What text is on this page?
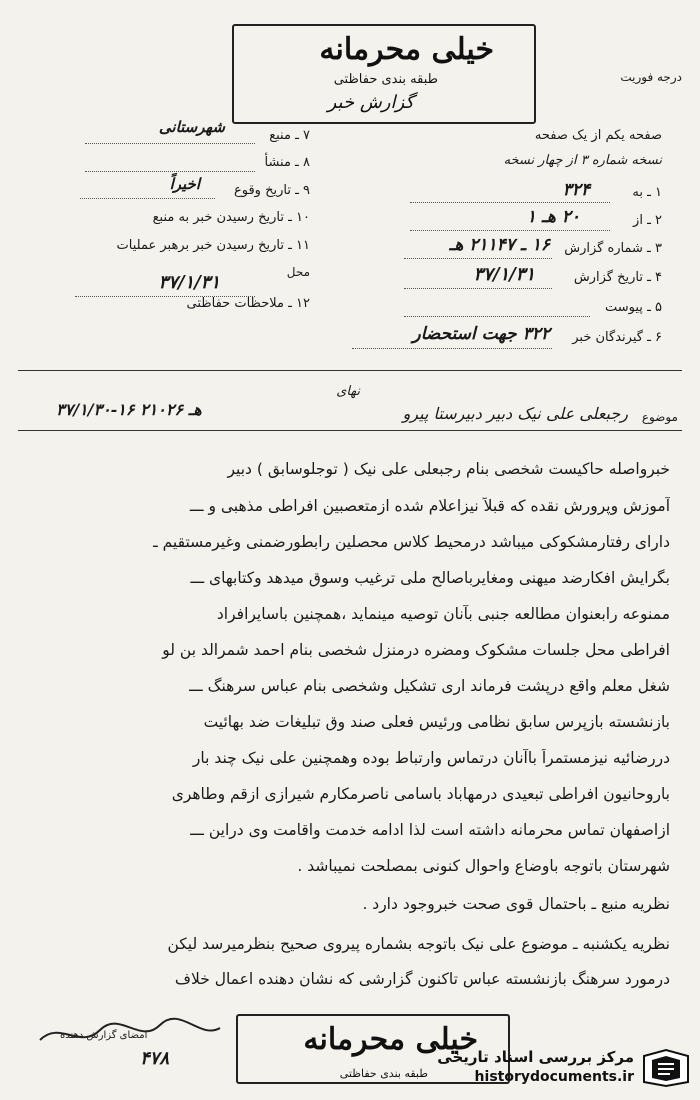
خیلی محرمانه
طبقه بندی حفاظتی
گزارش خبر
درجه فوریت
صفحه یکم از یک صفحه
نسخه شماره ۳ از چهار نسخه
۱ ـ به
۳۲۴
۲ ـ از
۲۰ هـ ۱
۳ ـ شماره گزارش
۱۶ ـ ۲۱۱۴۷ هـ
۴ ـ تاریخ گزارش
۳۷/۱/۳۱
۵ ـ پیوست
۶ ـ گیرندگان خبر
۳۲۲ جهت استحضار
۷ ـ منبع
شهرستانی
۸ ـ منشأ
۹ ـ تاریخ وقوع
اخیراً
۱۰ ـ تاریخ رسیدن خبر به منبع
۱۱ ـ تاریخ رسیدن خبر برهبر عملیات
محل
۳۷/۱/۳۱
۱۲ ـ ملاحظات حفاظتی
موضوع
رجبعلی علی نیک دبیر دبیرستا پیرو
نهای
۳۷/۱/۳۰-۱۶ هـ ۲۱۰۲۶
خبرواصله حاکیست شخصی بنام رجبعلی علی نیک ( توجلوسابق ) دبیر
آموزش وپرورش نقده که قبلاً نیزاعلام شده ازمتعصبین افراطی مذهبی و ـــ
دارای رفتارمشکوکی میباشد درمحیط کلاس محصلین رابطورضمنی وغیرمستقیم ـ
بگرایش افکارضد میهنی ومغایرباصالح ملی ترغیب وسوق میدهد وکتابهای ـــ
ممنوعه رابعنوان مطالعه جنبی بآنان توصیه مینماید ،همچنین باسایرافراد
افراطی محل جلسات مشکوک ومضره درمنزل شخصی بنام احمد شمرالد بن لو
شغل معلم واقع درپشت فرماند اری تشکیل وشخصی بنام عباس سرهنگ ـــ
بازنشسته بازپرس سابق نظامی ورئیس فعلی صند وق تبلیغات ضد بهائیت
دررضائیه نیزمستمراً باآنان درتماس وارتباط بوده وهمچنین علی نیک چند بار
باروحانیون افراطی تبعیدی درمهاباد باسامی ناصرمکارم شیرازی ازقم وطاهری
ازاصفهان تماس محرمانه داشته است لذا ادامه خدمت واقامت وی دراین ـــ
شهرستان باتوجه باوضاع واحوال کنونی بمصلحت نمیباشد .
نظریه منبع ـ باحتمال قوی صحت خبروجود دارد .
نظریه یکشنبه ـ موضوع علی نیک باتوجه بشماره پیروی صحیح بنظرمیرسد لیکن
درمورد سرهنگ بازنشسته عباس تاکنون گزارشی که نشان دهنده اعمال خلاف
خیلی محرمانه
طبقه بندی حفاظتی
۴۷۸
امضای گزارش دهنده
مرکز بررسی اسناد تاریخی
historydocuments.ir
